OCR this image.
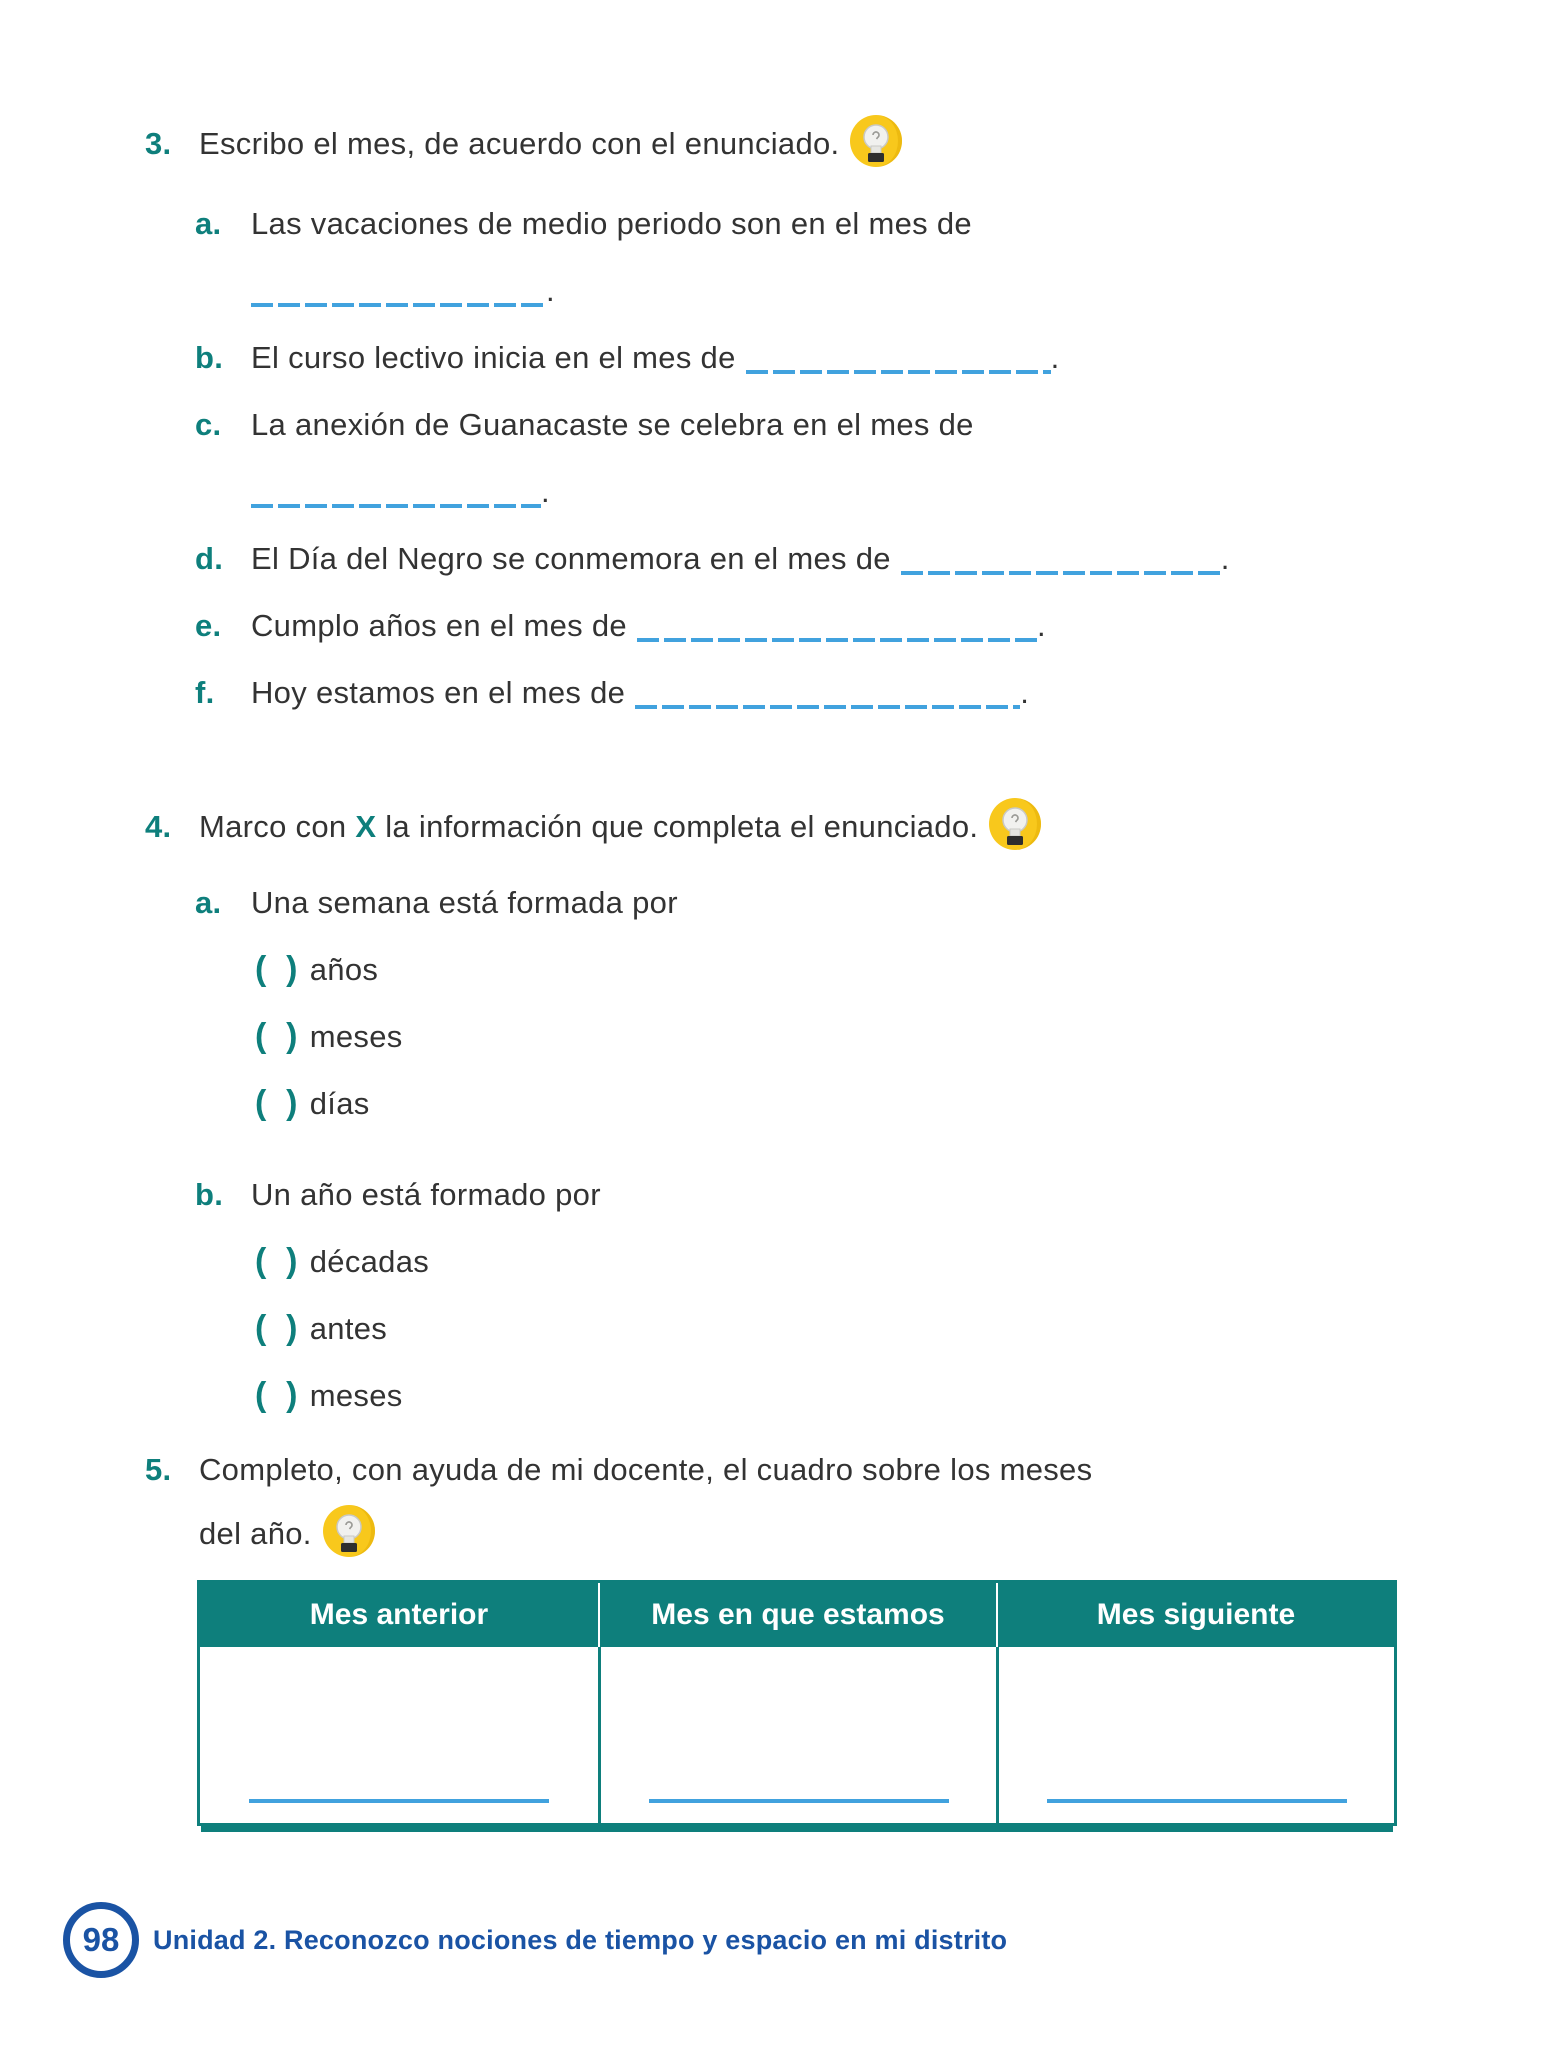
3. Escribo el mes, de acuerdo con el enunciado.
a. Las vacaciones de medio periodo son en el mes de
.
b. El curso lectivo inicia en el mes de	.
c. La anexión de Guanacaste se celebra en el mes de
.
d. El Día del Negro se conmemora en el mes de	.
e. Cumplo años en el mes de	.
f.	Hoy estamos en el mes de	.
4. Marco con X la información que completa el enunciado.
a. Una semana está formada por
(  ) años
(  ) meses
(  ) días
b. Un año está formado por
(  ) décadas
(  ) antes
(  ) meses
5. Completo, con ayuda de mi docente, el cuadro sobre los meses
del año.
Mes anterior	Mes en que estamos	Mes siguiente
98 Unidad 2. Reconozco nociones de tiempo y espacio en mi distrito
